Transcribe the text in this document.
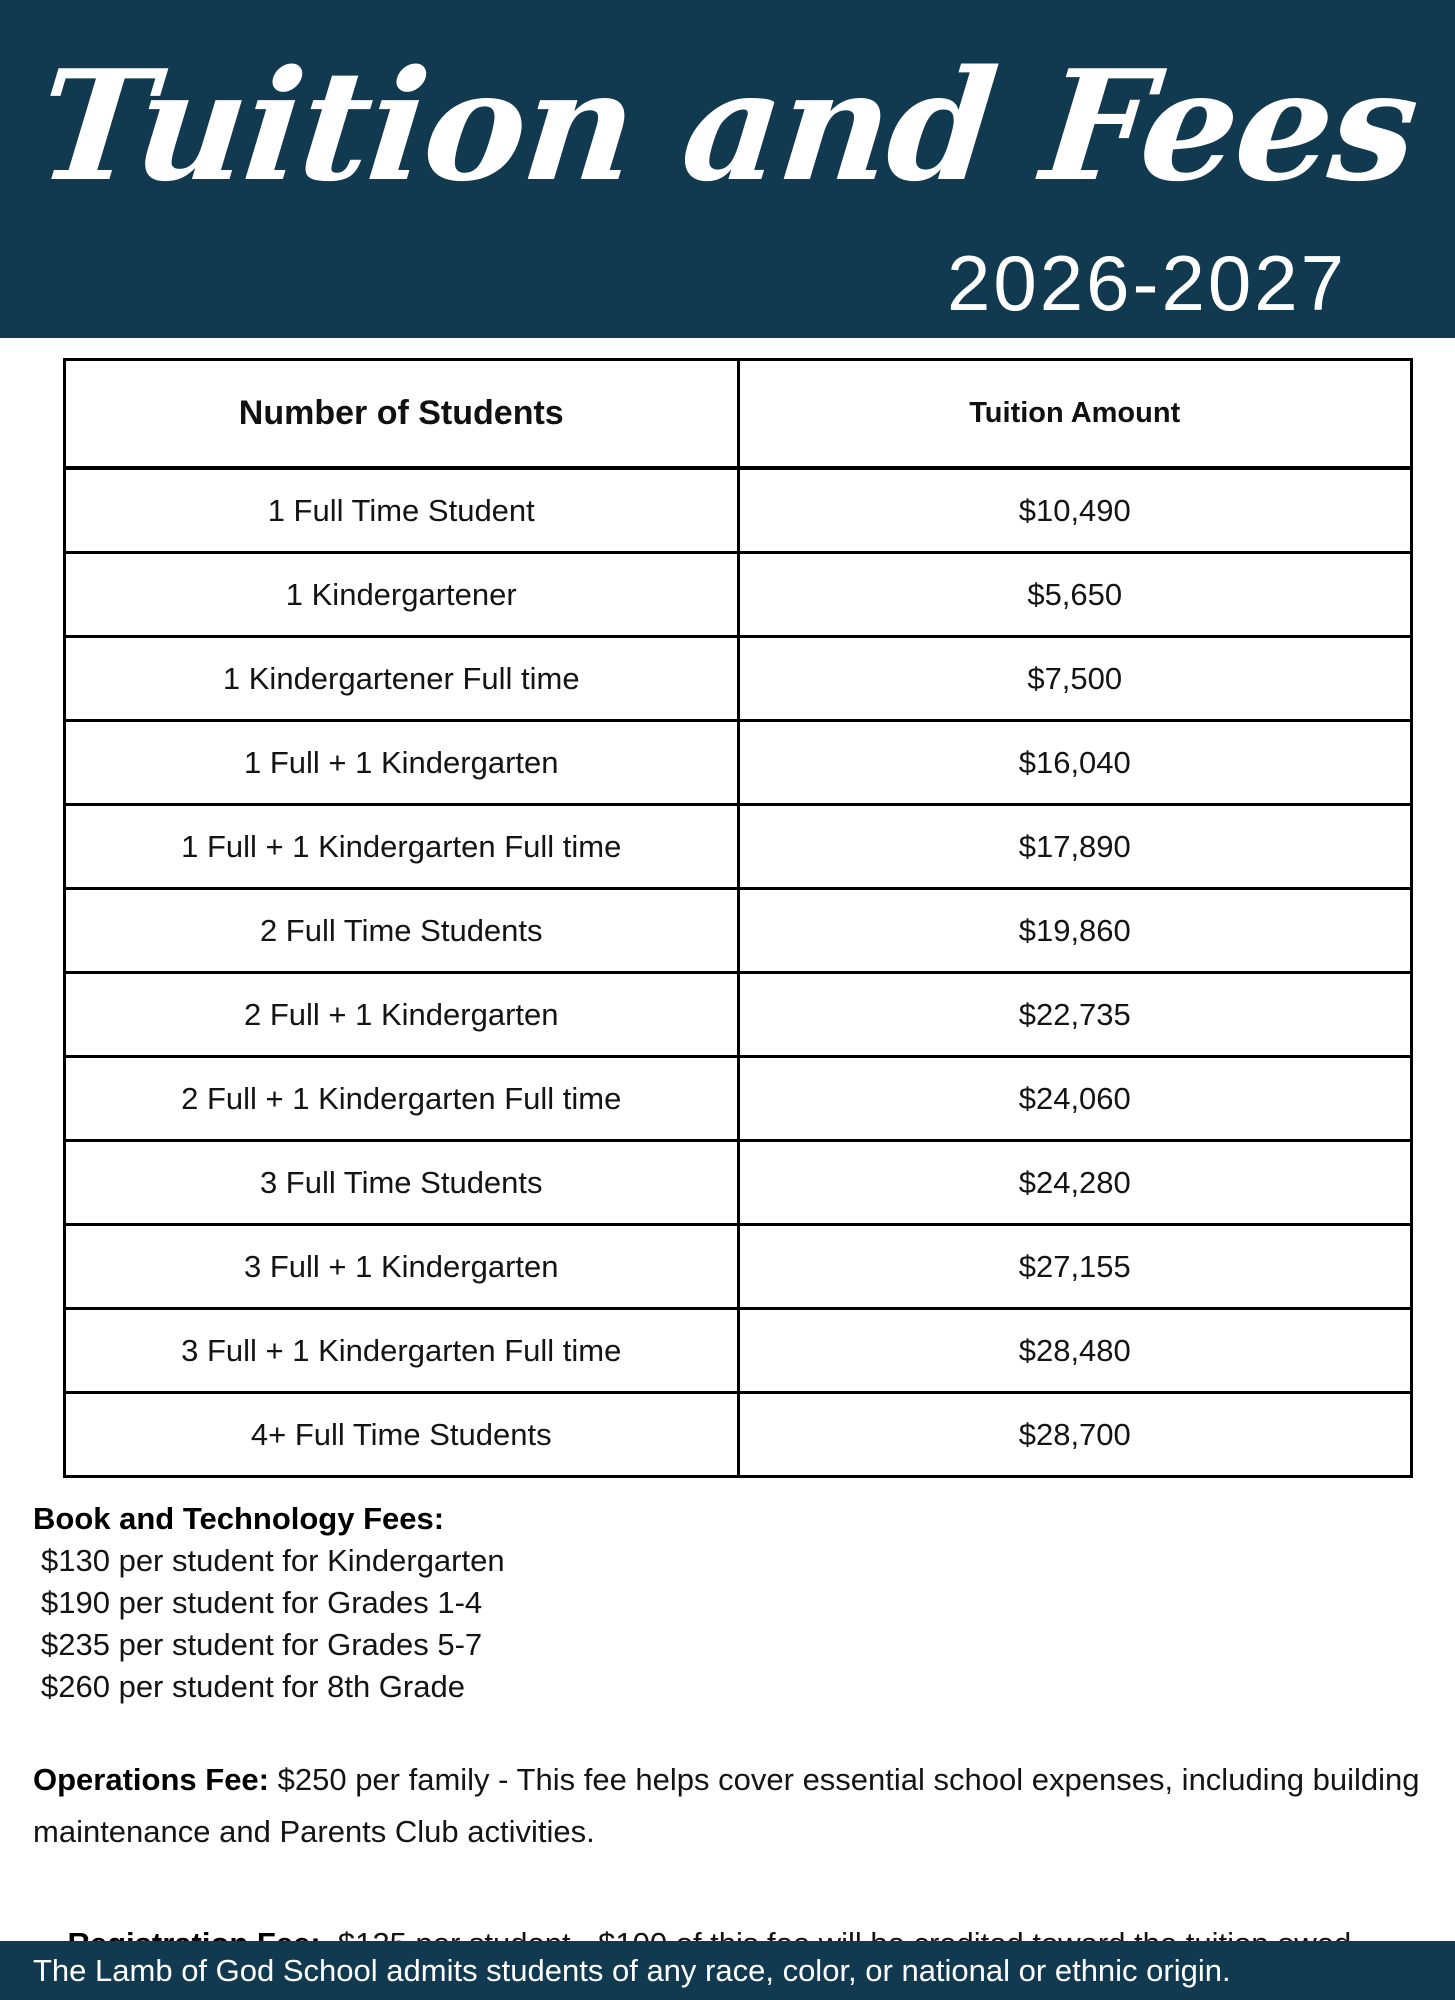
Tuition and Fees
2026-2027
Number of Students	Tuition Amount
1 Full Time Student	$10,490
1 Kindergartener	$5,650
1 Kindergartener Full time	$7,500
1 Full + 1 Kindergarten	$16,040
1 Full + 1 Kindergarten Full time	$17,890
2 Full Time Students	$19,860
2 Full + 1 Kindergarten	$22,735
2 Full + 1 Kindergarten Full time	$24,060
3 Full Time Students	$24,280
3 Full + 1 Kindergarten	$27,155
3 Full + 1 Kindergarten Full time	$28,480
4+ Full Time Students	$28,700
Book and Technology Fees:
$130 per student for Kindergarten
$190 per student for Grades 1-4
$235 per student for Grades 5-7
$260 per student for 8th Grade
Operations Fee: $250 per family - This fee helps cover essential school expenses, including building maintenance and Parents Club activities.

The Lamb of God School admits students of any race, color, or national or ethnic origin.
